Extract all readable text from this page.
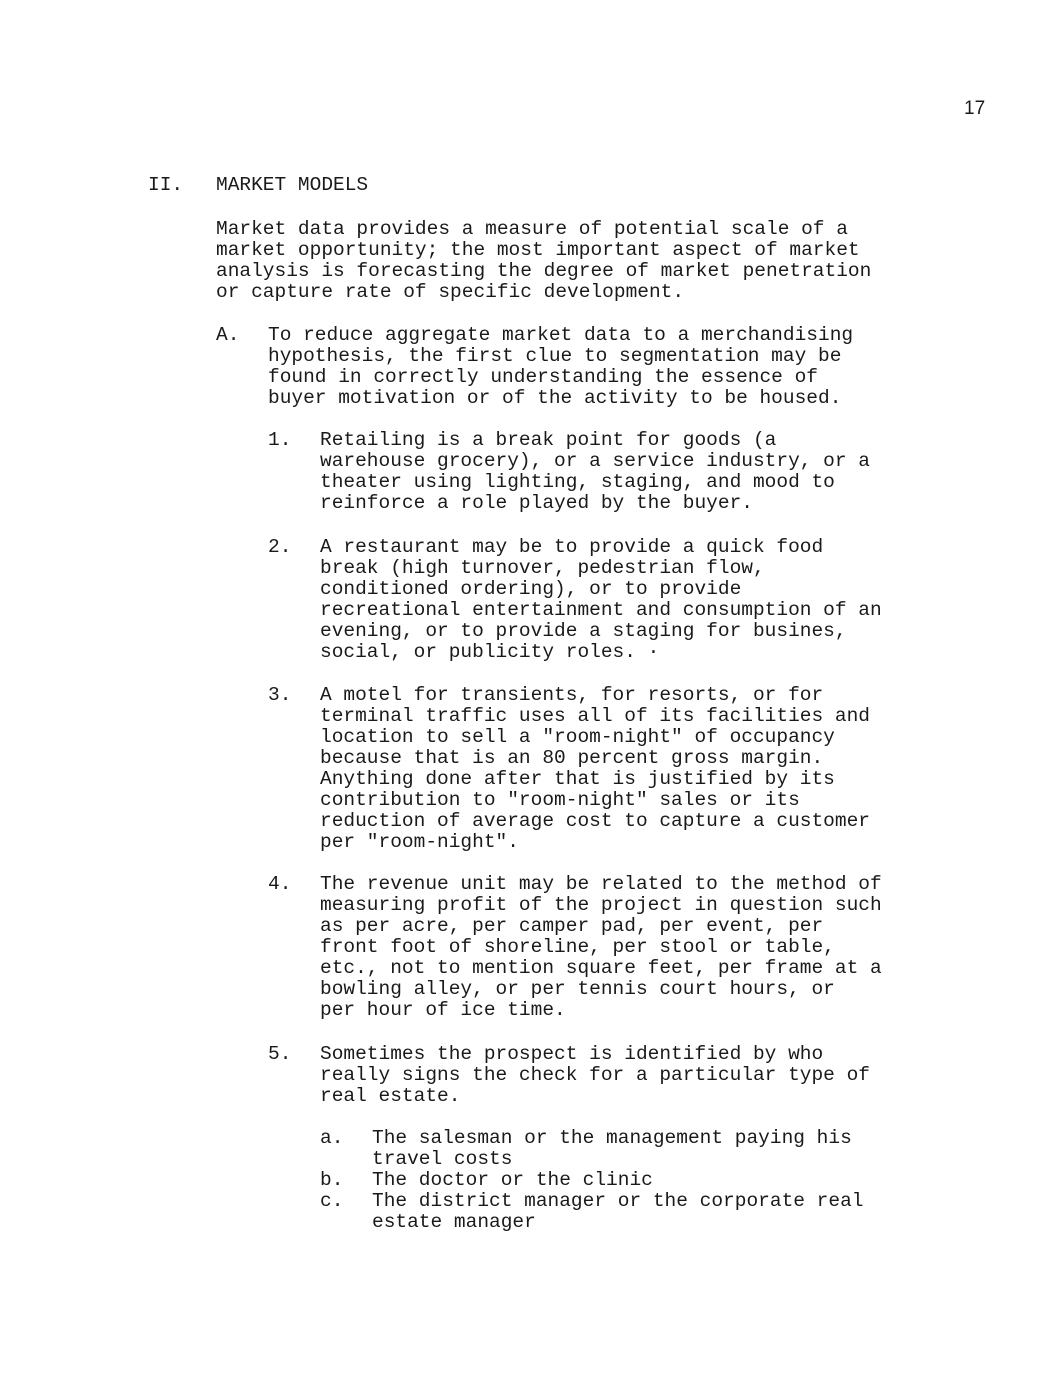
17
II. MARKET MODELS
Market data provides a measure of potential scale of a
market opportunity; the most important aspect of market
analysis is forecasting the degree of market penetration
or capture rate of specific development.
A. To reduce aggregate market data to a merchandising
hypothesis, the first clue to segmentation may be
found in correctly understanding the essence of
buyer motivation or of the activity to be housed.
1. Retailing is a break point for goods (a
warehouse grocery), or a service industry, or a
theater using lighting, staging, and mood to
reinforce a role played by the buyer.
2. A restaurant may be to provide a quick food
break (high turnover, pedestrian flow,
conditioned ordering), or to provide
recreational entertainment and consumption of an
evening, or to provide a staging for busines,
social, or publicity roles. ·
3. A motel for transients, for resorts, or for
terminal traffic uses all of its facilities and
location to sell a "room-night" of occupancy
because that is an 80 percent gross margin.
Anything done after that is justified by its
contribution to "room-night" sales or its
reduction of average cost to capture a customer
per "room-night".
4. The revenue unit may be related to the method of
measuring profit of the project in question such
as per acre, per camper pad, per event, per
front foot of shoreline, per stool or table,
etc., not to mention square feet, per frame at a
bowling alley, or per tennis court hours, or
per hour of ice time.
5. Sometimes the prospect is identified by who
really signs the check for a particular type of
real estate.
a.	The salesman or the management paying his
travel costs
b.	The doctor or the clinic
c.	The district manager or the corporate real
estate manager
